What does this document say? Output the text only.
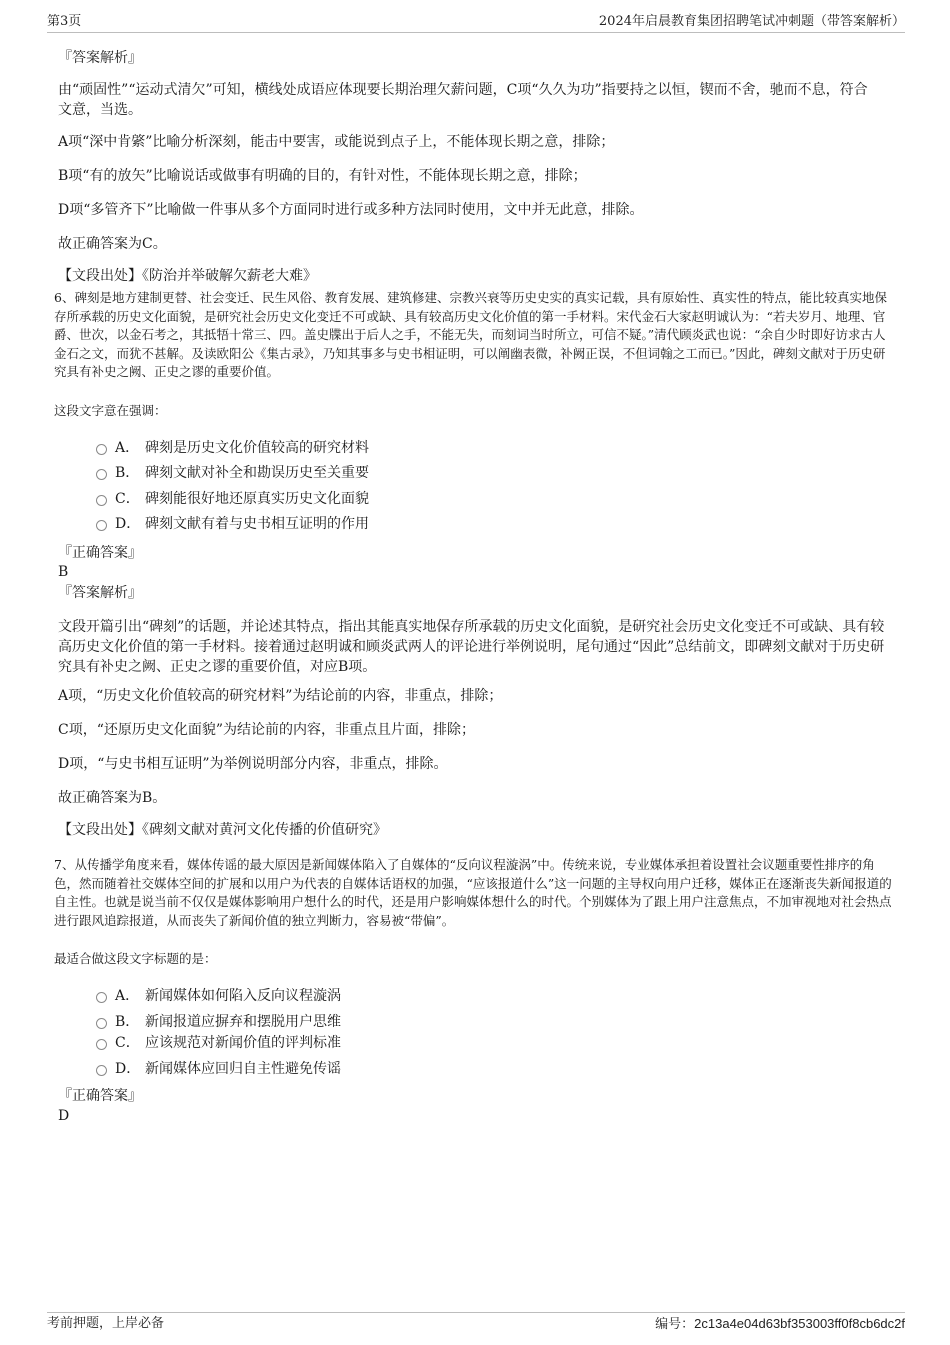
第3页	2024年启晨教育集团招聘笔试冲刺题（带答案解析）
『答案解析』
由“顽固性”“运动式清欠”可知，横线处成语应体现要长期治理欠薪问题，C项“久久为功”指要持之以恒，锲而不舍，驰而不息，符合文意，当选。
A项“深中肯綮”比喻分析深刻，能击中要害，或能说到点子上，不能体现长期之意，排除；
B项“有的放矢”比喻说话或做事有明确的目的，有针对性，不能体现长期之意，排除；
D项“多管齐下”比喻做一件事从多个方面同时进行或多种方法同时使用，文中并无此意，排除。
故正确答案为C。
【文段出处】《防治并举破解欠薪老大难》
6、碑刻是地方建制更替、社会变迁、民生风俗、教育发展、建筑修建、宗教兴衰等历史史实的真实记载，具有原始性、真实性的特点，能比较真实地保存所承载的历史文化面貌，是研究社会历史文化变迁不可或缺、具有较高历史文化价值的第一手材料。宋代金石大家赵明诚认为：“若夫岁月、地理、官爵、世次，以金石考之，其抵牾十常三、四。盖史牒出于后人之手，不能无失，而刻词当时所立，可信不疑。”清代顾炎武也说：“余自少时即好访求古人金石之文，而犹不甚解。及读欧阳公《集古录》，乃知其事多与史书相证明，可以阐幽表微，补阙正误，不但词翰之工而已。”因此，碑刻文献对于历史研究具有补史之阙、正史之谬的重要价值。
这段文字意在强调：
A． 碑刻是历史文化价值较高的研究材料
B． 碑刻文献对补全和勘误历史至关重要
C． 碑刻能很好地还原真实历史文化面貌
D． 碑刻文献有着与史书相互证明的作用
『正确答案』
B
『答案解析』
文段开篇引出“碑刻”的话题，并论述其特点，指出其能真实地保存所承载的历史文化面貌，是研究社会历史文化变迁不可或缺、具有较高历史文化价值的第一手材料。接着通过赵明诚和顾炎武两人的评论进行举例说明，尾句通过“因此”总结前文，即碑刻文献对于历史研究具有补史之阙、正史之谬的重要价值，对应B项。
A项，“历史文化价值较高的研究材料”为结论前的内容，非重点，排除；
C项，“还原历史文化面貌”为结论前的内容，非重点且片面，排除；
D项，“与史书相互证明”为举例说明部分内容，非重点，排除。
故正确答案为B。
【文段出处】《碑刻文献对黄河文化传播的价值研究》
7、从传播学角度来看，媒体传谣的最大原因是新闻媒体陷入了自媒体的“反向议程漩涡”中。传统来说，专业媒体承担着设置社会议题重要性排序的角色，然而随着社交媒体空间的扩展和以用户为代表的自媒体话语权的加强，“应该报道什么”这一问题的主导权向用户迁移，媒体正在逐渐丧失新闻报道的自主性。也就是说当前不仅仅是媒体影响用户想什么的时代，还是用户影响媒体想什么的时代。个别媒体为了跟上用户注意焦点，不加审视地对社会热点进行跟风追踪报道，从而丧失了新闻价值的独立判断力，容易被“带偏”。
最适合做这段文字标题的是：
A． 新闻媒体如何陷入反向议程漩涡
B． 新闻报道应摒弃和摆脱用户思维
C． 应该规范对新闻价值的评判标准
D． 新闻媒体应回归自主性避免传谣
『正确答案』
D
考前押题，上岸必备	编号：2c13a4e04d63bf353003ff0f8cb6dc2f
